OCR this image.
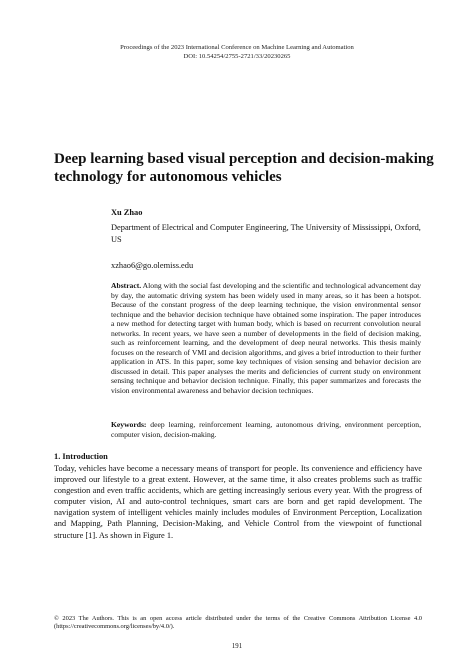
Proceedings of the 2023 International Conference on Machine Learning and Automation
DOI: 10.54254/2755-2721/33/20230265
Deep learning based visual perception and decision-making technology for autonomous vehicles
Xu Zhao
Department of Electrical and Computer Engineering, The University of Mississippi, Oxford, US
xzhao6@go.olemiss.edu

Abstract. Along with the social fast developing and the scientific and technological advancement day by day, the automatic driving system has been widely used in many areas, so it has been a hotspot. Because of the constant progress of the deep learning technique, the vision environmental sensor technique and the behavior decision technique have obtained some inspiration. The paper introduces a new method for detecting target with human body, which is based on recurrent convolution neural networks. In recent years, we have seen a number of developments in the field of decision making, such as reinforcement learning, and the development of deep neural networks. This thesis mainly focuses on the research of VMI and decision algorithms, and gives a brief introduction to their further application in ATS. In this paper, some key techniques of vision sensing and behavior decision are discussed in detail. This paper analyses the merits and deficiencies of current study on environment sensing technique and behavior decision technique. Finally, this paper summarizes and forecasts the vision environmental awareness and behavior decision techniques.

Keywords: deep learning, reinforcement learning, autonomous driving, environment perception, computer vision, decision-making.

1. Introduction

Today, vehicles have become a necessary means of transport for people. Its convenience and efficiency have improved our lifestyle to a great extent. However, at the same time, it also creates problems such as traffic congestion and even traffic accidents, which are getting increasingly serious every year. With the progress of computer vision, AI and auto-control techniques, smart cars are born and get rapid development. The navigation system of intelligent vehicles mainly includes modules of Environment Perception, Localization and Mapping, Path Planning, Decision-Making, and Vehicle Control from the viewpoint of functional structure [1]. As shown in Figure 1.

© 2023 The Authors. This is an open access article distributed under the terms of the Creative Commons Attribution License 4.0 (https://creativecommons.org/licenses/by/4.0/).

191
